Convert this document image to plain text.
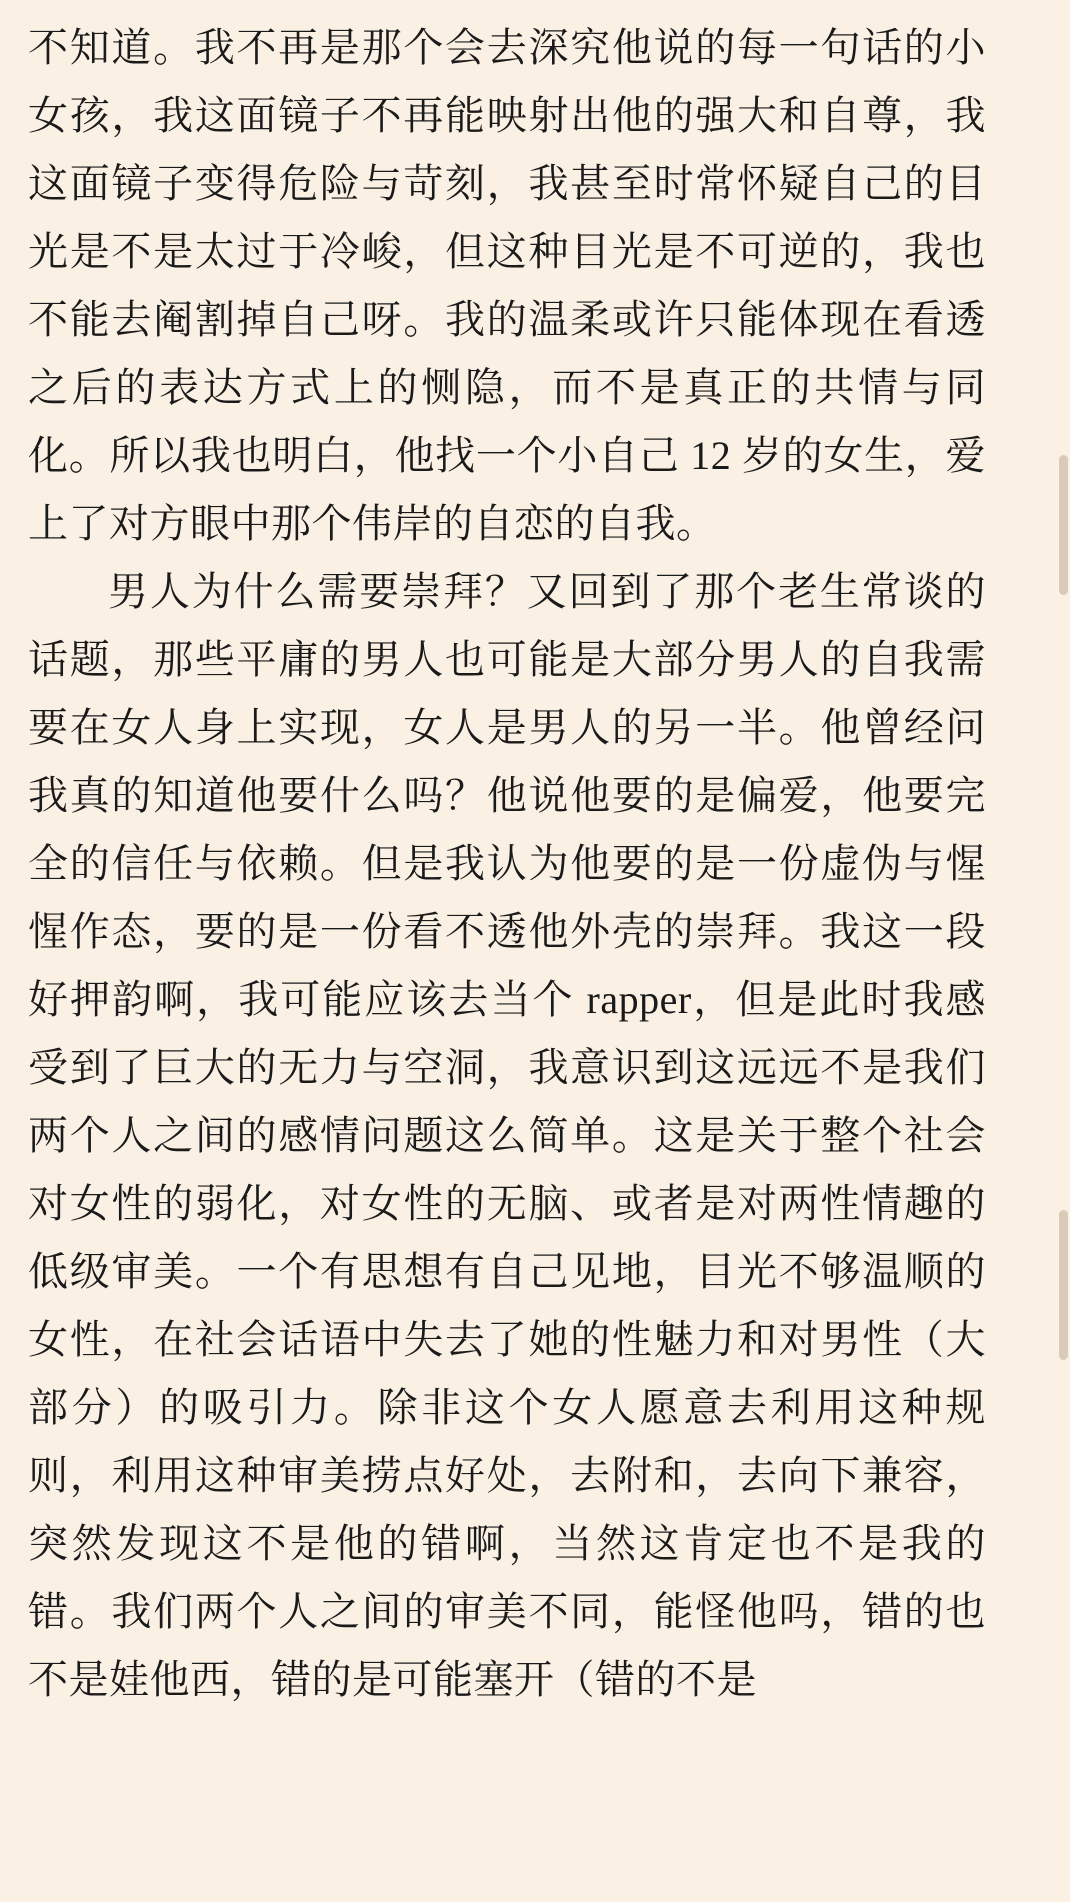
不知道。我不再是那个会去深究他说的每一句话的小女孩，我这面镜子不再能映射出他的强大和自尊，我这面镜子变得危险与苛刻，我甚至时常怀疑自己的目光是不是太过于冷峻，但这种目光是不可逆的，我也不能去阉割掉自己呀。我的温柔或许只能体现在看透之后的表达方式上的恻隐，而不是真正的共情与同化。所以我也明白，他找一个小自己 12 岁的女生，爱上了对方眼中那个伟岸的自恋的自我。

男人为什么需要崇拜？又回到了那个老生常谈的话题，那些平庸的男人也可能是大部分男人的自我需要在女人身上实现，女人是男人的另一半。他曾经问我真的知道他要什么吗？他说他要的是偏爱，他要完全的信任与依赖。但是我认为他要的是一份虚伪与惺惺作态，要的是一份看不透他外壳的崇拜。我这一段好押韵啊，我可能应该去当个 rapper，但是此时我感受到了巨大的无力与空洞，我意识到这远远不是我们两个人之间的感情问题这么简单。这是关于整个社会对女性的弱化，对女性的无脑、或者是对两性情趣的低级审美。一个有思想有自己见地，目光不够温顺的女性，在社会话语中失去了她的性魅力和对男性（大部分）的吸引力。除非这个女人愿意去利用这种规则，利用这种审美捞点好处，去附和，去向下兼容，突然发现这不是他的错啊，当然这肯定也不是我的错。我们两个人之间的审美不同，能怪他吗，错的也不是娃他西，错的是可能塞开（错的不是
